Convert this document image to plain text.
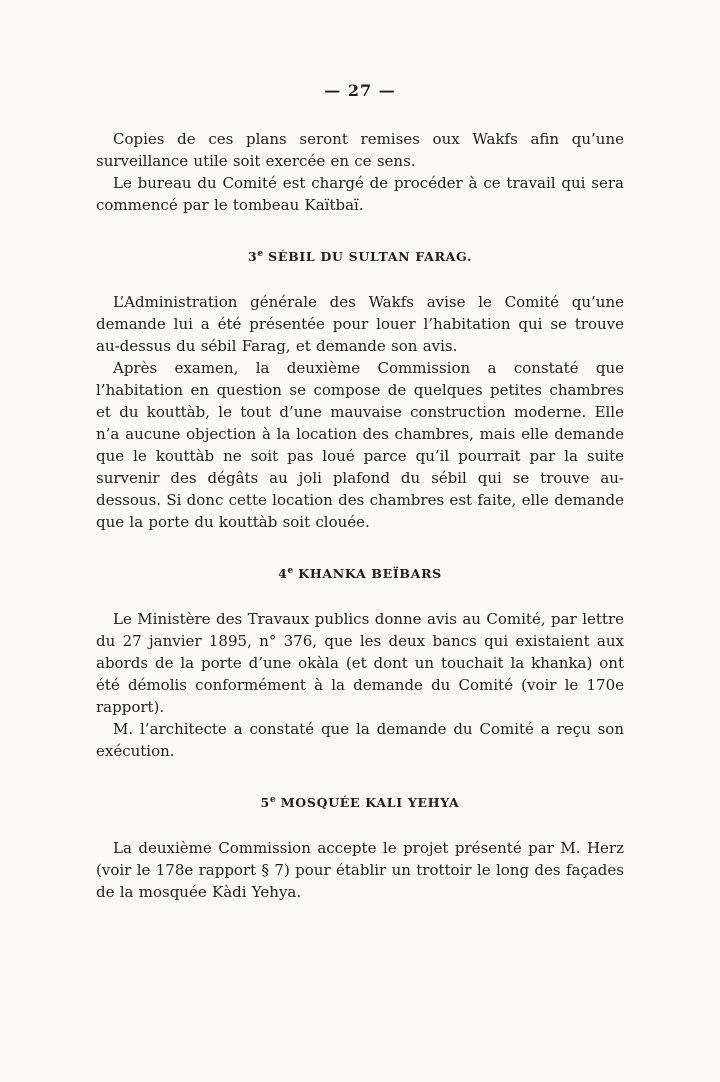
— 27 —

Copies de ces plans seront remises oux Wakfs afin qu’une surveillance utile soit exercée en ce sens.

Le bureau du Comité est chargé de procéder à ce travail qui sera commencé par le tombeau Kaïtbaï.

3e SÉBIL DU SULTAN FARAG.

L’Administration générale des Wakfs avise le Comité qu’une demande lui a été présentée pour louer l’habitation qui se trouve au-dessus du sébil Farag, et demande son avis.

Après examen, la deuxième Commission a constaté que l’habitation en question se compose de quelques petites chambres et du kouttàb, le tout d’une mauvaise construction moderne. Elle n’a aucune objection à la location des chambres, mais elle demande que le kouttàb ne soit pas loué parce qu’il pourrait par la suite survenir des dégâts au joli plafond du sébil qui se trouve au-dessous. Si donc cette location des chambres est faite, elle demande que la porte du kouttàb soit clouée.

4e KHANKA BEÏBARS

Le Ministère des Travaux publics donne avis au Comité, par lettre du 27 janvier 1895, n° 376, que les deux bancs qui existaient aux abords de la porte d’une okàla (et dont un touchait la khanka) ont été démolis conformément à la demande du Comité (voir le 170e rapport).

M. l’architecte a constaté que la demande du Comité a reçu son exécution.

5e MOSQUÉE KALI YEHYA

La deuxième Commission accepte le projet présenté par M. Herz (voir le 178e rapport § 7) pour établir un trottoir le long des façades de la mosquée Kàdi Yehya.
